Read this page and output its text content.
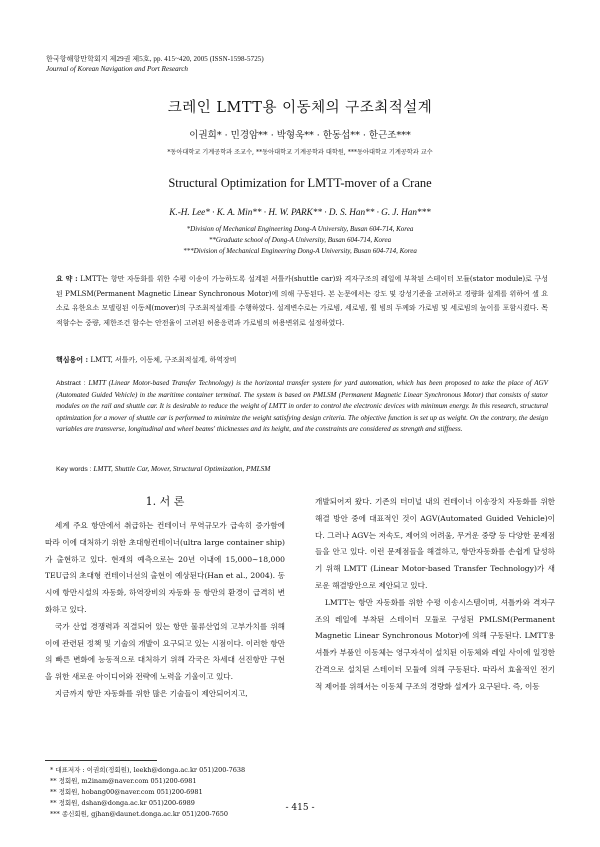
한국항해항만학회지 제29권 제5호, pp. 415~420, 2005 (ISSN-1598-5725)
Journal of Korean Navigation and Port Research
크레인 LMTT용 이동체의 구조최적설계
이권희* · 민경암** · 박형욱** · 한동섭** · 한근조***
*동아대학교 기계공학과 조교수, **동아대학교 기계공학과 대학원, ***동아대학교 기계공학과 교수
Structural Optimization for LMTT-mover of a Crane
K.-H. Lee* · K. A. Min** · H. W. PARK** · D. S. Han** · G. J. Han***
*Division of Mechanical Engineering Dong-A University, Busan 604-714, Korea
**Graduate school of Dong-A University, Busan 604-714, Korea
***Division of Mechanical Engineering Dong-A University, Busan 604-714, Korea
요 약 : LMTT는 항만 자동화를 위한 수평 이송이 가능하도록 설계된 셔틀카(shuttle car)와 격자구조의 레일에 부착된 스테이터 모듈(stator module)로 구성된 PMLSM(Permanent Magnetic Linear Synchronous Motor)에 의해 구동된다. 본 논문에서는 강도 및 강성기준을 고려하고 경량화 설계를 위하여 셀 요소로 유한요소 모델링된 이동체(mover)의 구조최적설계를 수행하였다. 설계변수로는 가로빔, 세로빔, 휠 빔의 두께와 가로빔 및 세로빔의 높이를 포함시켰다. 목적함수는 중량, 제한조건 함수는 안전율이 고려된 허용응력과 가로빔의 허용변위로 설정하였다.
핵심용어 : LMTT, 셔틀카, 이동체, 구조최적설계, 하역장비
Abstract : LMTT (Linear Motor-based Transfer Technology) is the horizontal transfer system for yard automation, which has been proposed to take the place of AGV (Automated Guided Vehicle) in the maritime container terminal. The system is based on PMLSM (Permanent Magnetic Linear Synchronous Motor) that consists of stator modules on the rail and shuttle car. It is desirable to reduce the weight of LMTT in order to control the electronic devices with minimum energy. In this research, structural optimization for a mover of shuttle car is performed to minimize the weight satisfying design criteria. The objective function is set up as weight. On the contrary, the design variables are transverse, longitudinal and wheel beams' thicknesses and its height, and the constraints are considered as strength and stiffness.
Key words : LMTT, Shuttle Car, Mover, Structural Optimization, PMLSM
1. 서 론

세계 주요 항만에서 취급하는 컨테이너 무역규모가 급속히 증가함에 따라 이에 대처하기 위한 초대형컨테이너(ultra large container ship)가 출현하고 있다. 현재의 예측으로는 20년 이내에 15,000~18,000 TEU급의 초대형 컨테이너선의 출현이 예상된다(Han et al., 2004). 동시에 항만시설의 자동화, 하역장비의 자동화 등 항만의 환경이 급격히 변화하고 있다.

국가 산업 경쟁력과 직결되어 있는 항만 물류산업의 고부가치를 위해 이에 관련된 정책 및 기술의 개발이 요구되고 있는 시점이다. 이러한 항만의 빠른 변화에 능동적으로 대처하기 위해 각국은 차세대 선진항만 구현을 위한 새로운 아이디어와 전략에 노력을 기울이고 있다.

지금까지 항만 자동화를 위한 많은 기술들이 제안되어지고,

개발되어져 왔다. 기존의 터미널 내의 컨테이너 이송장치 자동화를 위한 해결 방안 중에 대표적인 것이 AGV(Automated Guided Vehicle)이다. 그러나 AGV는 저속도, 제어의 어려움, 무거운 중량 등 다양한 문제점들을 안고 있다. 이런 문제점들을 해결하고, 항만자동화를 손쉽게 달성하기 위해 LMTT (Linear Motor-based Transfer Technology)가 새로운 해결방안으로 제안되고 있다.

LMTT는 항만 자동화를 위한 수평 이송시스템이며, 셔틀카와 격자구조의 레일에 부착된 스테이터 모듈로 구성된 PMLSM(Permanent Magnetic Linear Synchronous Motor)에 의해 구동된다. LMTT용 셔틀카 부품인 이동체는 영구자석이 설치된 이동체와 레일 사이에 일정한 간격으로 설치된 스테이터 모듈에 의해 구동된다. 따라서 효율적인 전기적 제어를 위해서는 이동체 구조의 경량화 설계가 요구된다. 즉, 이동

* 대표저자 : 이권희(정회원), leekh@donga.ac.kr 051)200-7638
** 정회원, m2inam@naver.com 051)200-6981
** 정회원, hobang00@naver.com 051)200-6981
** 정회원, dshan@donga.ac.kr 051)200-6989
*** 종신회원, gjhan@daunet.donga.ac.kr 051)200-7650
- 415 -
